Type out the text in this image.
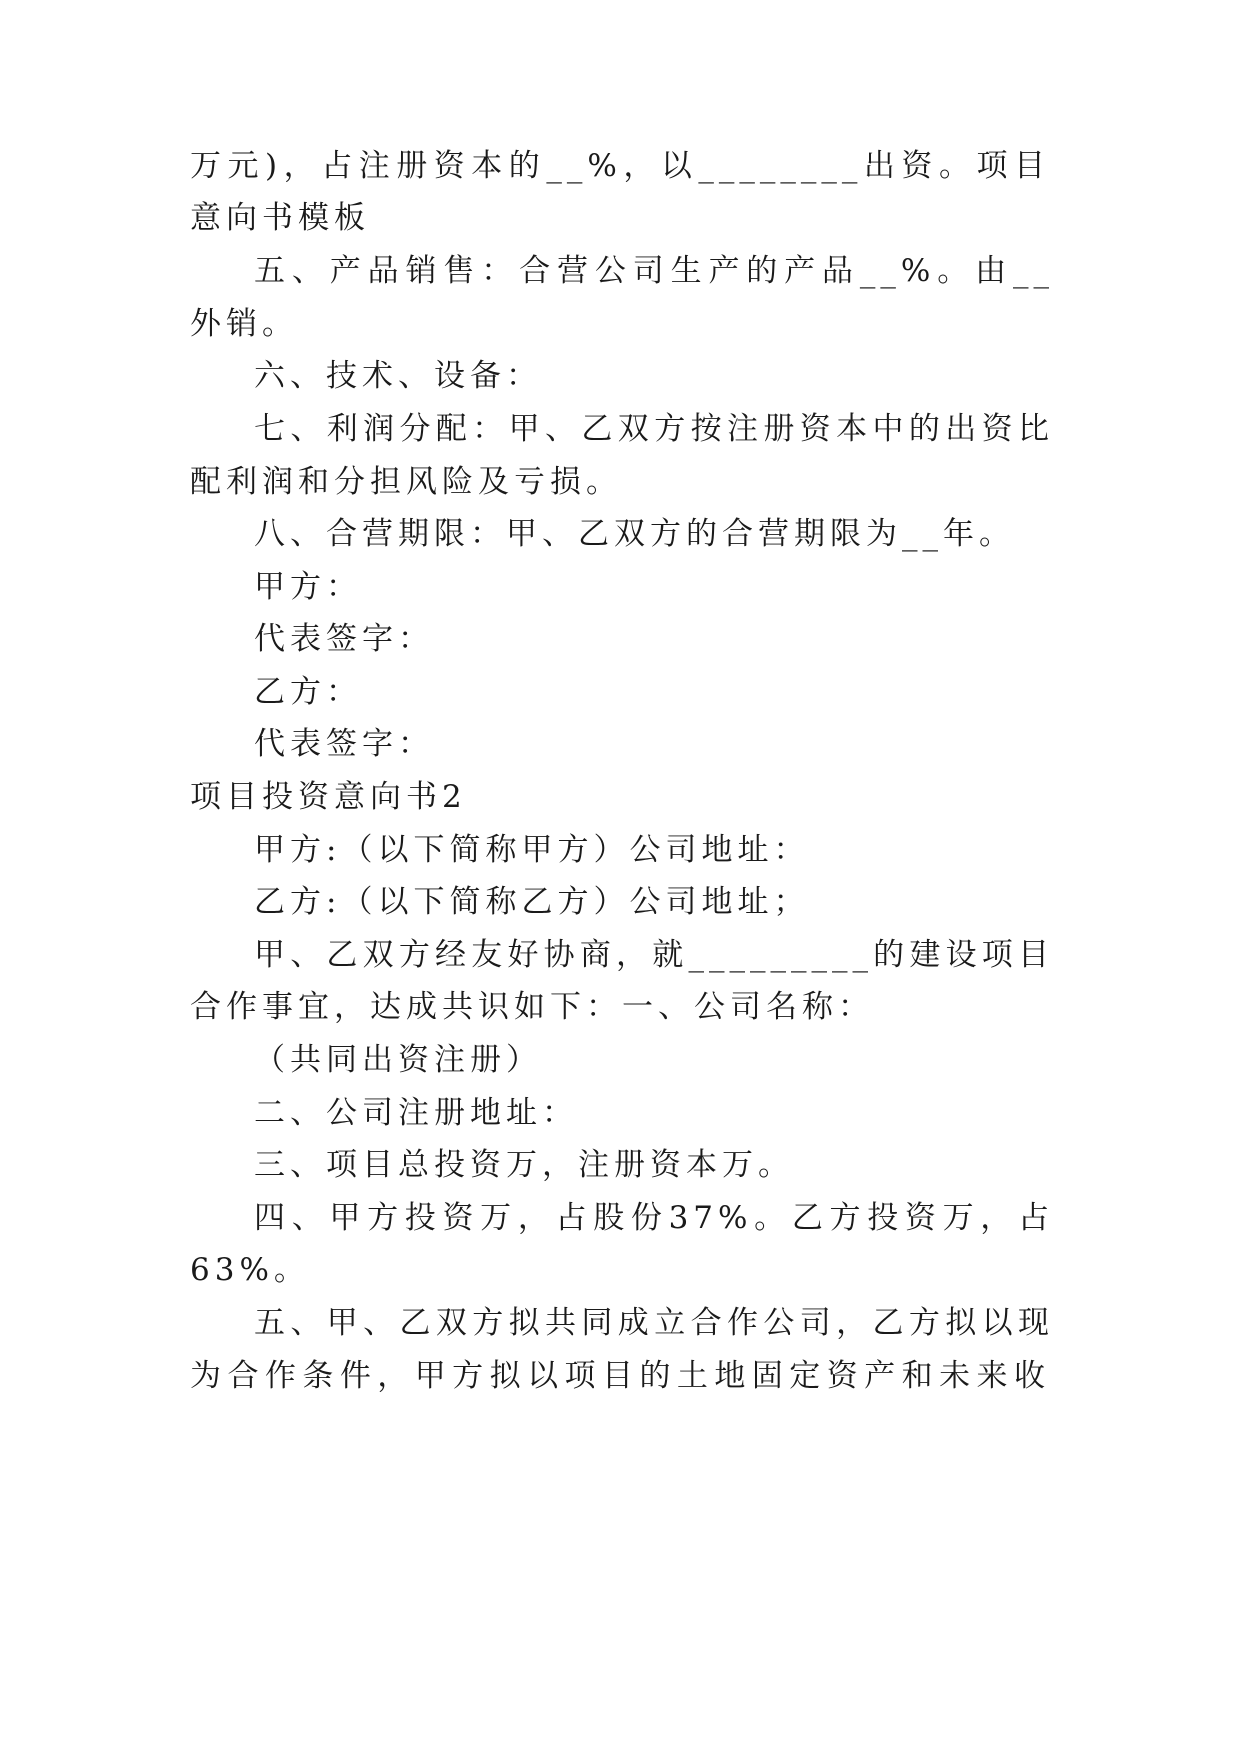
万元)，占注册资本的__%，以________出资。项目
意向书模板
五、产品销售：合营公司生产的产品__%。由__
外销。
六、技术、设备：
七、利润分配：甲、乙双方按注册资本中的出资比
配利润和分担风险及亏损。
八、合营期限：甲、乙双方的合营期限为__年。
甲方：
代表签字：
乙方：
代表签字：
项目投资意向书2
甲方:（以下简称甲方）公司地址：
乙方:（以下简称乙方）公司地址；
甲、乙双方经友好协商，就_________的建设项目
合作事宜，达成共识如下：一、公司名称：
（共同出资注册）
二、公司注册地址：
三、项目总投资万，注册资本万。
四、甲方投资万，占股份37%。乙方投资万，占
63%。
五、甲、乙双方拟共同成立合作公司，乙方拟以现
为合作条件，甲方拟以项目的土地固定资产和未来收
